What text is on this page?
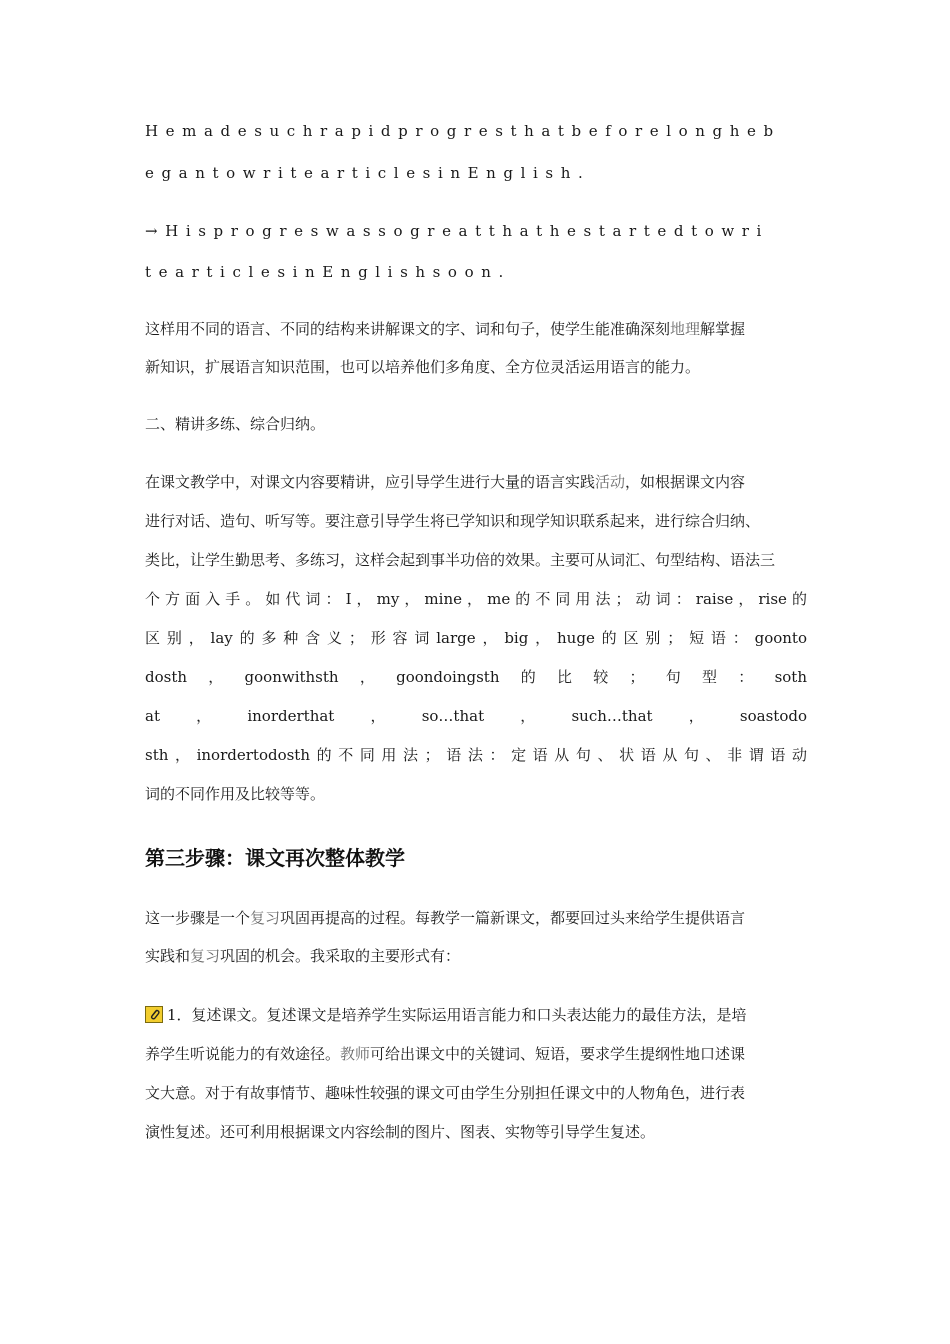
Hemadesuchrapidprogresthatbeforelongheb
egantowritearticlesinEnglish.
→Hisprogreswassogreatthathestartedtowri
tearticlesinEnglishsoon.
这样用不同的语言、不同的结构来讲解课文的字、词和句子，使学生能准确深刻地理解掌握
新知识，扩展语言知识范围，也可以培养他们多角度、全方位灵活运用语言的能力。
二、精讲多练、综合归纳。
在课文教学中，对课文内容要精讲，应引导学生进行大量的语言实践活动，如根据课文内容
进行对话、造句、听写等。要注意引导学生将已学知识和现学知识联系起来，进行综合归纳、
类比，让学生勤思考、多练习，这样会起到事半功倍的效果。主要可从词汇、句型结构、语法三
个方面入手。如代词：I，my，mine，me的不同用法；动词：raise，rise的
区别，lay的多种含义；形容词large，big，huge的区别；短语：goonto
dosth，goonwithsth，goondoingsth的比较；句型：soth
at，inorderthat，so…that，such…that，soastodo
sth，inordertodosth的不同用法；语法：定语从句、状语从句、非谓语动
词的不同作用及比较等等。
第三步骤：课文再次整体教学
这一步骤是一个复习巩固再提高的过程。每教学一篇新课文，都要回过头来给学生提供语言
实践和复习巩固的机会。我采取的主要形式有：
1．复述课文。复述课文是培养学生实际运用语言能力和口头表达能力的最佳方法，是培
养学生听说能力的有效途径。教师可给出课文中的关键词、短语，要求学生提纲性地口述课
文大意。对于有故事情节、趣味性较强的课文可由学生分别担任课文中的人物角色，进行表
演性复述。还可利用根据课文内容绘制的图片、图表、实物等引导学生复述。
